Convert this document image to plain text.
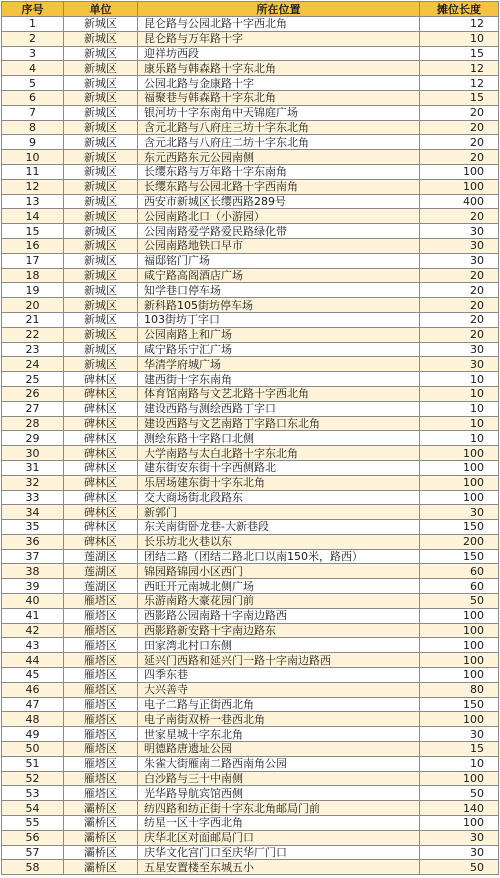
序号	单位	所在位置	摊位长度
1	新城区	昆仑路与公园北路十字西北角	12
2	新城区	昆仑路与万年路十字	10
3	新城区	迎祥坊西段	15
4	新城区	康乐路与韩森路十字东北角	12
5	新城区	公园北路与金康路十字	12
6	新城区	福聚巷与韩森路十字东北角	15
7	新城区	银河坊十字东南角中天锦庭广场	20
8	新城区	含元北路与八府庄三坊十字东北角	20
9	新城区	含元北路与八府庄二坊十字东北角	20
10	新城区	东元西路东元公园南侧	20
11	新城区	长缨东路与万年路十字东南角	100
12	新城区	长缨东路与公园北路十字西南角	100
13	新城区	西安市新城区长缨西路289号	400
14	新城区	公园南路北口（小游园）	20
15	新城区	公园南路爱学路爱民路绿化带	30
16	新城区	公园南路地铁口早市	30
17	新城区	福邸铭门广场	30
18	新城区	咸宁路高阁酒店广场	20
19	新城区	知学巷口停车场	20
20	新城区	新科路105街坊停车场	20
21	新城区	103街坊丁字口	20
22	新城区	公园南路上和广场	20
23	新城区	咸宁路乐宁汇广场	30
24	新城区	华清学府城广场	30
25	碑林区	建西街十字东南角	10
26	碑林区	体育馆南路与文艺北路十字西北角	10
27	碑林区	建设西路与测绘西路丁字口	10
28	碑林区	建设西路与文艺南路丁字路口东北角	10
29	碑林区	测绘东路十字路口北侧	10
30	碑林区	大学南路与太白北路十字东北角	100
31	碑林区	建东街安东街十字西侧路北	100
32	碑林区	乐居场建东街十字东北角	100
33	碑林区	交大商场街北段路东	100
34	碑林区	新郭门	30
35	碑林区	东关南街卧龙巷-大新巷段	150
36	碑林区	长乐坊北火巷以东	200
37	莲湖区	团结二路（团结二路北口以南150米，路西）	150
38	莲湖区	锦园路锦园小区西门	60
39	莲湖区	西旺开元南城北侧广场	60
40	雁塔区	乐游南路大豪花园门前	50
41	雁塔区	西影路公园南路十字南边路西	100
42	雁塔区	西影路新安路十字南边路东	100
43	雁塔区	田家湾北村口东侧	100
44	雁塔区	延兴门西路和延兴门一路十字南边路西	100
45	雁塔区	四季东巷	100
46	雁塔区	大兴善寺	80
47	雁塔区	电子二路与正街西北角	150
48	雁塔区	电子南街双桥一巷西北角	100
49	雁塔区	世家星城十字东北角	30
50	雁塔区	明德路唐遗址公园	15
51	雁塔区	朱雀大街雁南二路西南角公园	10
52	雁塔区	白沙路与三十中南侧	100
53	雁塔区	光华路导航宾馆西侧	50
54	灞桥区	纺四路和纺正街十字东北角邮局门前	140
55	灞桥区	纺星一区十字西北角	100
56	灞桥区	庆华北区对面邮局门口	30
57	灞桥区	庆华文化宫门口至庆华厂门口	30
58	灞桥区	五星安置楼至东城五小	50
